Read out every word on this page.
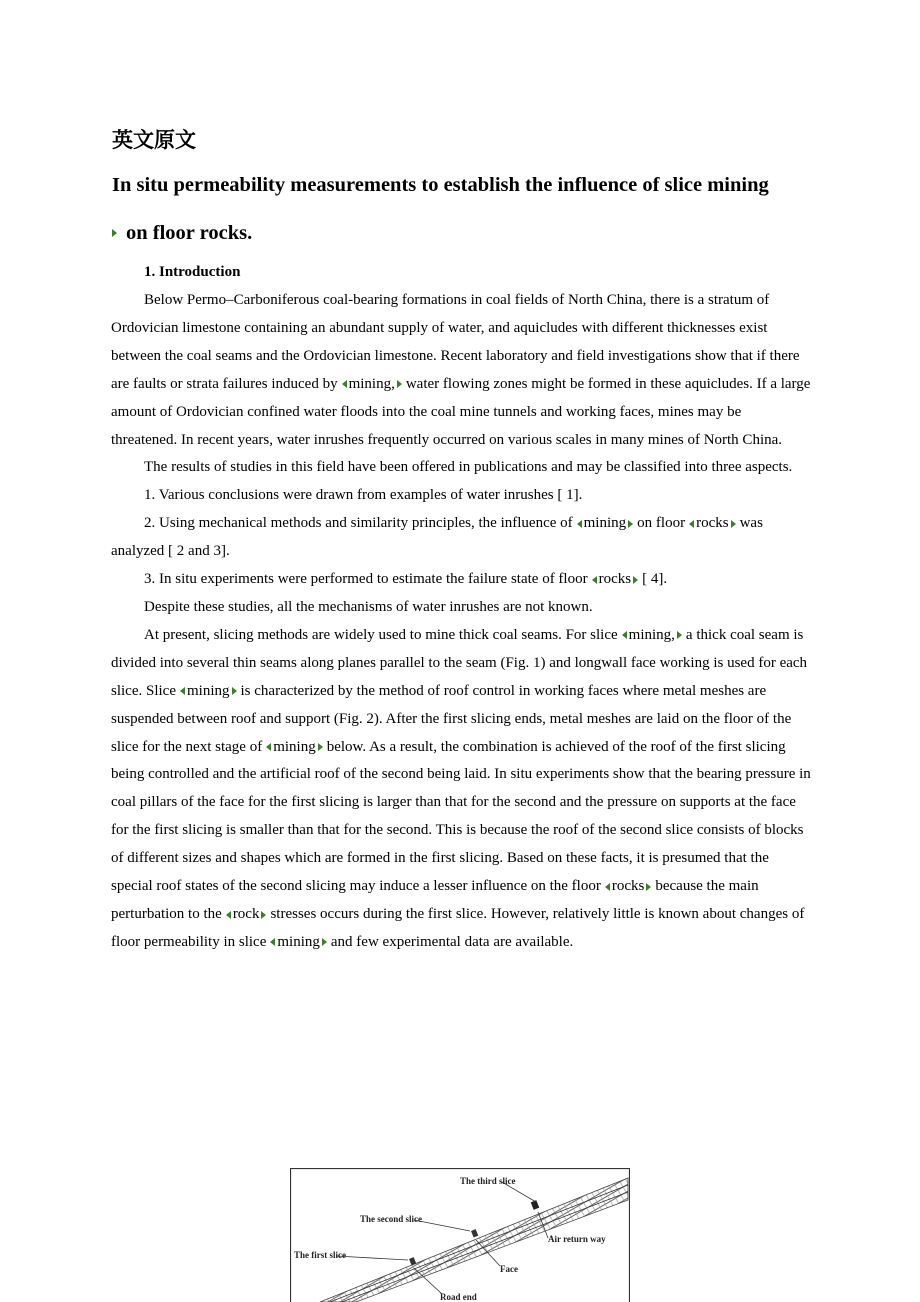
英文原文
In situ permeability measurements to establish the influence of slice mining
on floor rocks.
1. Introduction

Below Permo–Carboniferous coal-bearing formations in coal fields of North China, there is a stratum of Ordovician limestone containing an abundant supply of water, and aquicludes with different thicknesses exist between the coal seams and the Ordovician limestone. Recent laboratory and field investigations show that if there are faults or strata failures induced by mining, water flowing zones might be formed in these aquicludes. If a large amount of Ordovician confined water floods into the coal mine tunnels and working faces, mines may be threatened. In recent years, water inrushes frequently occurred on various scales in many mines of North China.

The results of studies in this field have been offered in publications and may be classified into three aspects.

1. Various conclusions were drawn from examples of water inrushes [ 1].

2. Using mechanical methods and similarity principles, the influence of mining on floor rocks was analyzed [ 2 and 3].

3. In situ experiments were performed to estimate the failure state of floor rocks [ 4].

Despite these studies, all the mechanisms of water inrushes are not known.

At present, slicing methods are widely used to mine thick coal seams. For slice mining, a thick coal seam is divided into several thin seams along planes parallel to the seam (Fig. 1) and longwall face working is used for each slice. Slice mining is characterized by the method of roof control in working faces where metal meshes are suspended between roof and support (Fig. 2). After the first slicing ends, metal meshes are laid on the floor of the slice for the next stage of mining below. As a result, the combination is achieved of the roof of the first slicing being controlled and the artificial roof of the second being laid. In situ experiments show that the bearing pressure in coal pillars of the face for the first slicing is larger than that for the second and the pressure on supports at the face for the first slicing is smaller than that for the second. This is because the roof of the second slice consists of blocks of different sizes and shapes which are formed in the first slicing. Based on these facts, it is presumed that the special roof states of the second slicing may induce a lesser influence on the floor rocks because the main perturbation to the rock stresses occurs during the first slice. However, relatively little is known about changes of floor permeability in slice mining and few experimental data are available.

The third slice
The second slice
The first slice
Air return way
Face
Road end
